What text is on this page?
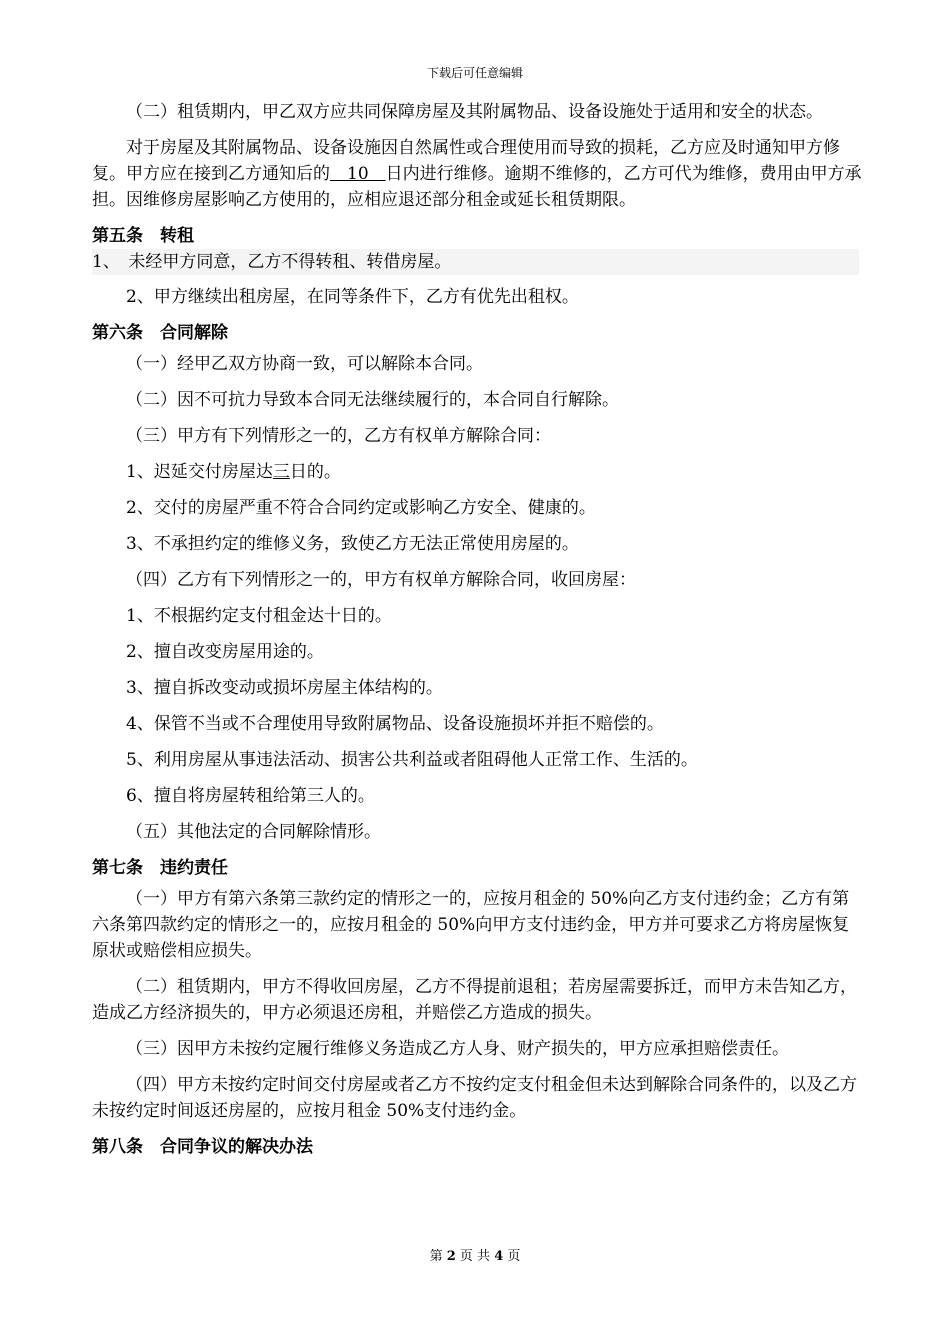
下载后可任意编辑

（二）租赁期内，甲乙双方应共同保障房屋及其附属物品、设备设施处于适用和安全的状态。

对于房屋及其附属物品、设备设施因自然属性或合理使用而导致的损耗，乙方应及时通知甲方修复。甲方应在接到乙方通知后的　10　日内进行维修。逾期不维修的，乙方可代为维修，费用由甲方承担。因维修房屋影响乙方使用的，应相应退还部分租金或延长租赁期限。

第五条　转租

1、　未经甲方同意，乙方不得转租、转借房屋。

2、甲方继续出租房屋，在同等条件下，乙方有优先出租权。

第六条　合同解除

（一）经甲乙双方协商一致，可以解除本合同。

（二）因不可抗力导致本合同无法继续履行的，本合同自行解除。

（三）甲方有下列情形之一的，乙方有权单方解除合同：

1、迟延交付房屋达三日的。

2、交付的房屋严重不符合合同约定或影响乙方安全、健康的。

3、不承担约定的维修义务，致使乙方无法正常使用房屋的。

（四）乙方有下列情形之一的，甲方有权单方解除合同，收回房屋：

1、不根据约定支付租金达十日的。

2、擅自改变房屋用途的。

3、擅自拆改变动或损坏房屋主体结构的。

4、保管不当或不合理使用导致附属物品、设备设施损坏并拒不赔偿的。

5、利用房屋从事违法活动、损害公共利益或者阻碍他人正常工作、生活的。

6、擅自将房屋转租给第三人的。

（五）其他法定的合同解除情形。

第七条　违约责任

（一）甲方有第六条第三款约定的情形之一的，应按月租金的 50%向乙方支付违约金；乙方有第六条第四款约定的情形之一的，应按月租金的 50%向甲方支付违约金，甲方并可要求乙方将房屋恢复原状或赔偿相应损失。

（二）租赁期内，甲方不得收回房屋，乙方不得提前退租；若房屋需要拆迁，而甲方未告知乙方，造成乙方经济损失的，甲方必须退还房租，并赔偿乙方造成的损失。

（三）因甲方未按约定履行维修义务造成乙方人身、财产损失的，甲方应承担赔偿责任。

（四）甲方未按约定时间交付房屋或者乙方不按约定支付租金但未达到解除合同条件的，以及乙方未按约定时间返还房屋的，应按月租金 50%支付违约金。

第八条　合同争议的解决办法
第 2 页 共 4 页
